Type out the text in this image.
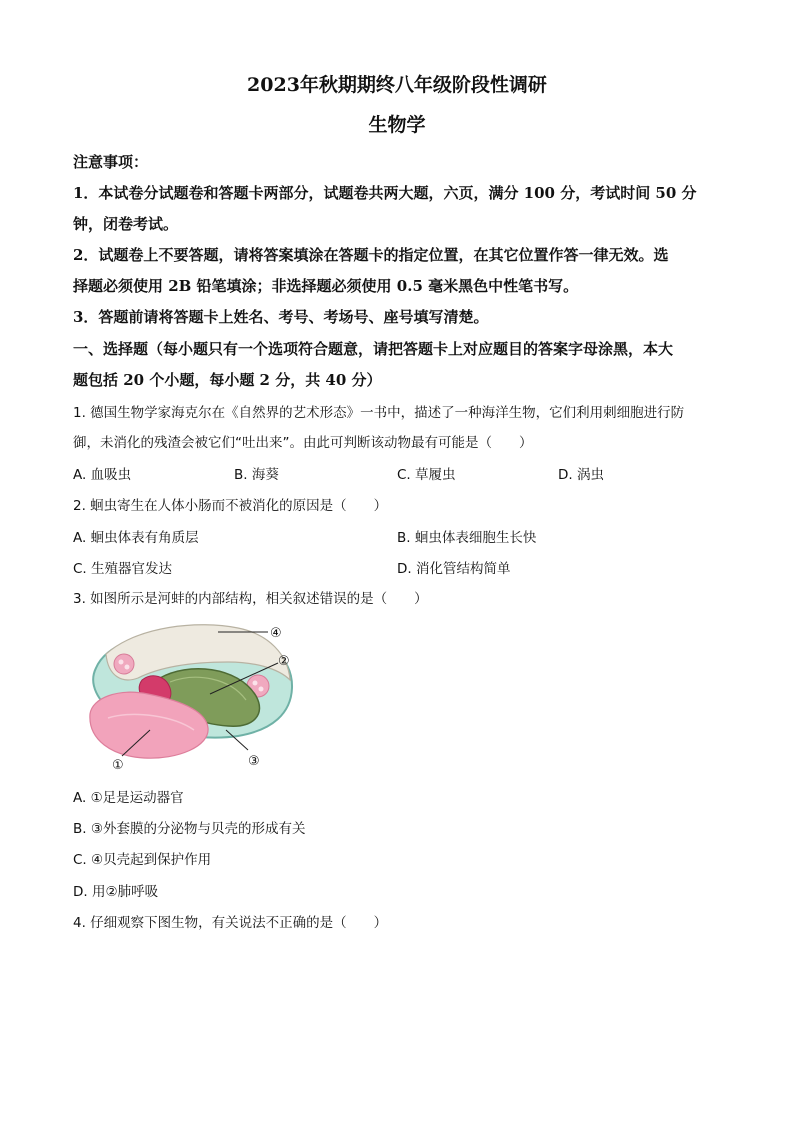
2023年秋期期终八年级阶段性调研
生物学
注意事项：
1．本试卷分试题卷和答题卡两部分，试题卷共两大题，六页，满分 100 分，考试时间 50 分
钟，闭卷考试。
2．试题卷上不要答题，请将答案填涂在答题卡的指定位置，在其它位置作答一律无效。选
择题必须使用 2B 铅笔填涂；非选择题必须使用 0.5 毫米黑色中性笔书写。
3．答题前请将答题卡上姓名、考号、考场号、座号填写清楚。
一、选择题（每小题只有一个选项符合题意，请把答题卡上对应题目的答案字母涂黑，本大
题包括 20 个小题，每小题 2 分，共 40 分）
1. 德国生物学家海克尔在《自然界的艺术形态》一书中，描述了一种海洋生物，它们利用刺细胞进行防
御，未消化的残渣会被它们“吐出来”。由此可判断该动物最有可能是（　　）
A. 血吸虫	B. 海葵	C. 草履虫	D. 涡虫
2. 蛔虫寄生在人体小肠而不被消化的原因是（　　）
A. 蛔虫体表有角质层	B. 蛔虫体表细胞生长快
C. 生殖器官发达	D. 消化管结构简单
3. 如图所示是河蚌的内部结构，相关叙述错误的是（　　）
④
②
①	③
A. ①足是运动器官
B. ③外套膜的分泌物与贝壳的形成有关
C. ④贝壳起到保护作用
D. 用②肺呼吸
4. 仔细观察下图生物，有关说法不正确的是（　　）
